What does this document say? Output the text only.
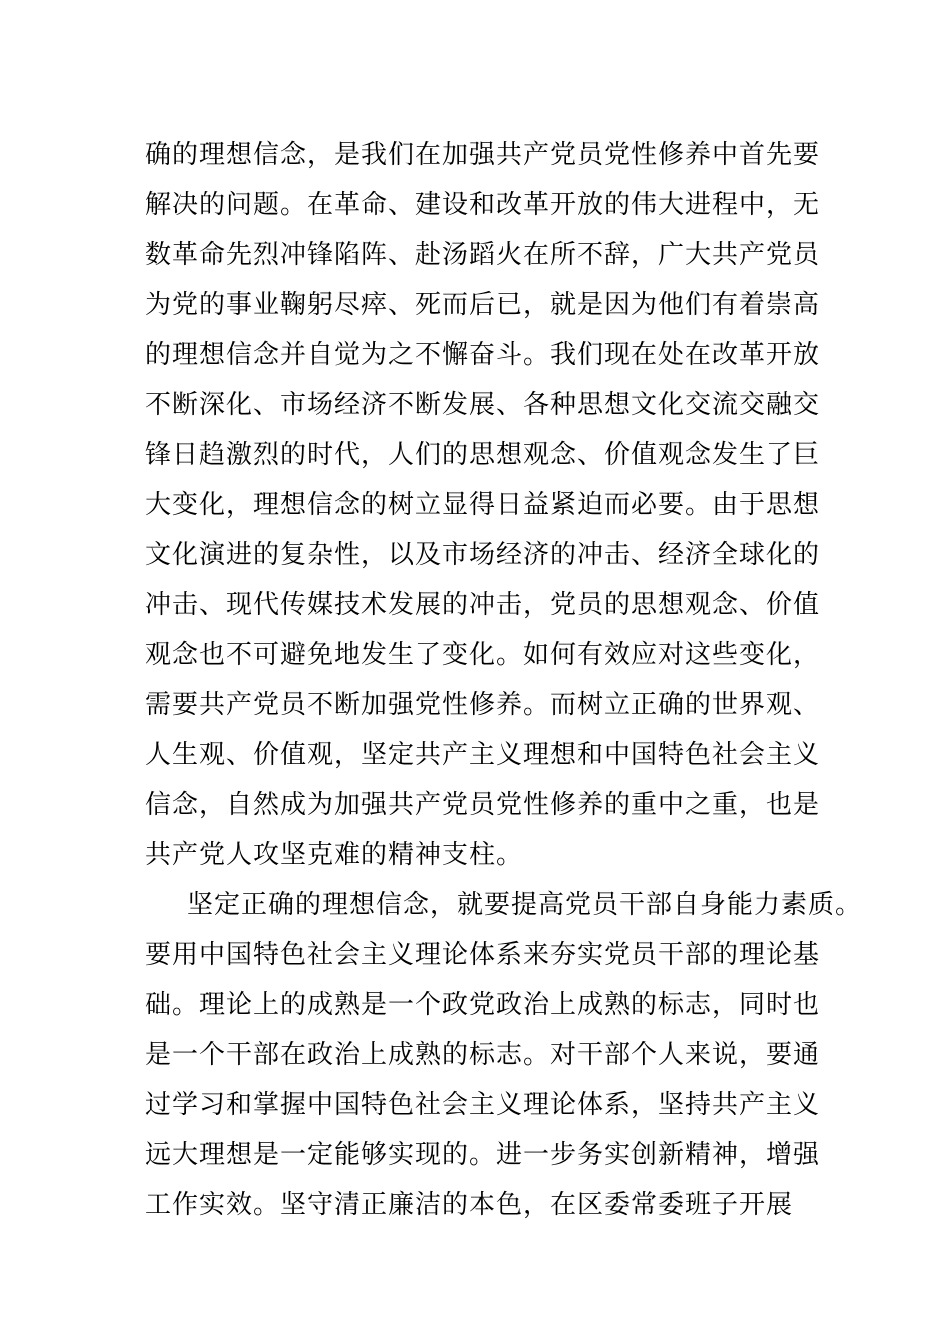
确的理想信念，是我们在加强共产党员党性修养中首先要
解决的问题。在革命、建设和改革开放的伟大进程中，无
数革命先烈冲锋陷阵、赴汤蹈火在所不辞，广大共产党员
为党的事业鞠躬尽瘁、死而后已，就是因为他们有着崇高
的理想信念并自觉为之不懈奋斗。我们现在处在改革开放
不断深化、市场经济不断发展、各种思想文化交流交融交
锋日趋激烈的时代，人们的思想观念、价值观念发生了巨
大变化，理想信念的树立显得日益紧迫而必要。由于思想
文化演进的复杂性，以及市场经济的冲击、经济全球化的
冲击、现代传媒技术发展的冲击，党员的思想观念、价值
观念也不可避免地发生了变化。如何有效应对这些变化，
需要共产党员不断加强党性修养。而树立正确的世界观、
人生观、价值观，坚定共产主义理想和中国特色社会主义
信念，自然成为加强共产党员党性修养的重中之重，也是
共产党人攻坚克难的精神支柱。
坚定正确的理想信念，就要提高党员干部自身能力素质。
要用中国特色社会主义理论体系来夯实党员干部的理论基
础。理论上的成熟是一个政党政治上成熟的标志，同时也
是一个干部在政治上成熟的标志。对干部个人来说，要通
过学习和掌握中国特色社会主义理论体系，坚持共产主义
远大理想是一定能够实现的。进一步务实创新精神，增强
工作实效。坚守清正廉洁的本色，在区委常委班子开展
